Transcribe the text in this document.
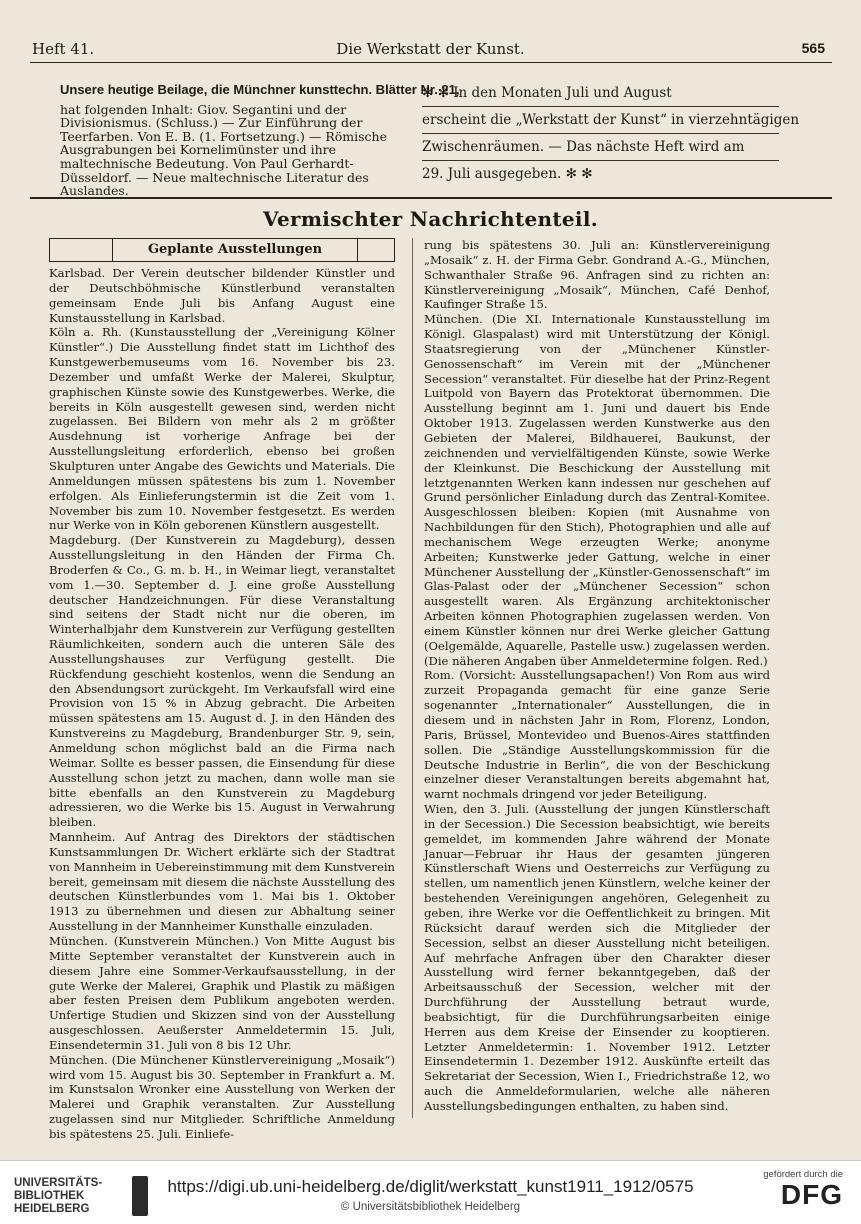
Heft 41.	Die Werkstatt der Kunst.	565
Unsere heutige Beilage, die Münchner kunsttechn. Blätter Nr. 21,
hat folgenden Inhalt: Giov. Segantini und der Divisionismus. (Schluss.) — Zur Einführung der Teerfarben. Von E. B. (1. Fortsetzung.) — Römische Ausgrabungen bei Kornelimünster und ihre maltechnische Bedeutung. Von Paul Gerhardt-Düsseldorf. — Neue maltechnische Literatur des Auslandes.
✻ ✻ In den Monaten Juli und August
erscheint die „Werkstatt der Kunst“ in vierzehntägigen
Zwischenräumen. — Das nächste Heft wird am
29. Juli ausgegeben. ✻ ✻
Vermischter Nachrichtenteil.
Geplante Ausstellungen

Karlsbad. Der Verein deutscher bildender Künstler und der Deutschböhmische Künstlerbund veranstalten gemeinsam Ende Juli bis Anfang August eine Kunstausstellung in Karlsbad.

Köln a. Rh. (Kunstausstellung der „Vereinigung Kölner Künstler“.) Die Ausstellung findet statt im Lichthof des Kunstgewerbemuseums vom 16. November bis 23. Dezember und umfaßt Werke der Malerei, Skulptur, graphischen Künste sowie des Kunstgewerbes. Werke, die bereits in Köln ausgestellt gewesen sind, werden nicht zugelassen. Bei Bildern von mehr als 2 m größter Ausdehnung ist vorherige Anfrage bei der Ausstellungsleitung erforderlich, ebenso bei großen Skulpturen unter Angabe des Gewichts und Materials. Die Anmeldungen müssen spätestens bis zum 1. November erfolgen. Als Einlieferungstermin ist die Zeit vom 1. November bis zum 10. November festgesetzt. Es werden nur Werke von in Köln geborenen Künstlern ausgestellt.

Magdeburg. (Der Kunstverein zu Magdeburg), dessen Ausstellungsleitung in den Händen der Firma Ch. Broderfen & Co., G. m. b. H., in Weimar liegt, veranstaltet vom 1.—30. September d. J. eine große Ausstellung deutscher Handzeichnungen. Für diese Veranstaltung sind seitens der Stadt nicht nur die oberen, im Winterhalbjahr dem Kunstverein zur Verfügung gestellten Räumlichkeiten, sondern auch die unteren Säle des Ausstellungshauses zur Verfügung gestellt. Die Rückfendung geschieht kostenlos, wenn die Sendung an den Absendungsort zurückgeht. Im Verkaufsfall wird eine Provision von 15 % in Abzug gebracht. Die Arbeiten müssen spätestens am 15. August d. J. in den Händen des Kunstvereins zu Magdeburg, Brandenburger Str. 9, sein, Anmeldung schon möglichst bald an die Firma nach Weimar. Sollte es besser passen, die Einsendung für diese Ausstellung schon jetzt zu machen, dann wolle man sie bitte ebenfalls an den Kunstverein zu Magdeburg adressieren, wo die Werke bis 15. August in Verwahrung bleiben.

Mannheim. Auf Antrag des Direktors der städtischen Kunstsammlungen Dr. Wichert erklärte sich der Stadtrat von Mannheim in Uebereinstimmung mit dem Kunstverein bereit, gemeinsam mit diesem die nächste Ausstellung des deutschen Künstlerbundes vom 1. Mai bis 1. Oktober 1913 zu übernehmen und diesen zur Abhaltung seiner Ausstellung in der Mannheimer Kunsthalle einzuladen.

München. (Kunstverein München.) Von Mitte August bis Mitte September veranstaltet der Kunstverein auch in diesem Jahre eine Sommer-Verkaufsausstellung, in der gute Werke der Malerei, Graphik und Plastik zu mäßigen aber festen Preisen dem Publikum angeboten werden. Unfertige Studien und Skizzen sind von der Ausstellung ausgeschlossen. Aeußerster Anmeldetermin 15. Juli, Einsendetermin 31. Juli von 8 bis 12 Uhr.

München. (Die Münchener Künstlervereinigung „Mosaik“) wird vom 15. August bis 30. September in Frankfurt a. M. im Kunstsalon Wronker eine Ausstellung von Werken der Malerei und Graphik veranstalten. Zur Ausstellung zugelassen sind nur Mitglieder. Schriftliche Anmeldung bis spätestens 25. Juli. Einliefe-

rung bis spätestens 30. Juli an: Künstlervereinigung „Mosaik“ z. H. der Firma Gebr. Gondrand A.-G., München, Schwanthaler Straße 96. Anfragen sind zu richten an: Künstlervereinigung „Mosaik“, München, Café Denhof, Kaufinger Straße 15.

München. (Die XI. Internationale Kunstausstellung im Königl. Glaspalast) wird mit Unterstützung der Königl. Staatsregierung von der „Münchener Künstler-Genossenschaft“ im Verein mit der „Münchener Secession“ veranstaltet. Für dieselbe hat der Prinz-Regent Luitpold von Bayern das Protektorat übernommen. Die Ausstellung beginnt am 1. Juni und dauert bis Ende Oktober 1913. Zugelassen werden Kunstwerke aus den Gebieten der Malerei, Bildhauerei, Baukunst, der zeichnenden und vervielfältigenden Künste, sowie Werke der Kleinkunst. Die Beschickung der Ausstellung mit letztgenannten Werken kann indessen nur geschehen auf Grund persönlicher Einladung durch das Zentral-Komitee. Ausgeschlossen bleiben: Kopien (mit Ausnahme von Nachbildungen für den Stich), Photographien und alle auf mechanischem Wege erzeugten Werke; anonyme Arbeiten; Kunstwerke jeder Gattung, welche in einer Münchener Ausstellung der „Künstler-Genossenschaft“ im Glas-Palast oder der „Münchener Secession“ schon ausgestellt waren. Als Ergänzung architektonischer Arbeiten können Photographien zugelassen werden. Von einem Künstler können nur drei Werke gleicher Gattung (Oelgemälde, Aquarelle, Pastelle usw.) zugelassen werden. (Die näheren Angaben über Anmeldetermine folgen. Red.)

Rom. (Vorsicht: Ausstellungsapachen!) Von Rom aus wird zurzeit Propaganda gemacht für eine ganze Serie sogenannter „Internationaler“ Ausstellungen, die in diesem und in nächsten Jahr in Rom, Florenz, London, Paris, Brüssel, Montevideo und Buenos-Aires stattfinden sollen. Die „Ständige Ausstellungskommission für die Deutsche Industrie in Berlin“, die von der Beschickung einzelner dieser Veranstaltungen bereits abgemahnt hat, warnt nochmals dringend vor jeder Beteiligung.

Wien, den 3. Juli. (Ausstellung der jungen Künstlerschaft in der Secession.) Die Secession beabsichtigt, wie bereits gemeldet, im kommenden Jahre während der Monate Januar—Februar ihr Haus der gesamten jüngeren Künstlerschaft Wiens und Oesterreichs zur Verfügung zu stellen, um namentlich jenen Künstlern, welche keiner der bestehenden Vereinigungen angehören, Gelegenheit zu geben, ihre Werke vor die Oeffentlichkeit zu bringen. Mit Rücksicht darauf werden sich die Mitglieder der Secession, selbst an dieser Ausstellung nicht beteiligen. Auf mehrfache Anfragen über den Charakter dieser Ausstellung wird ferner bekanntgegeben, daß der Arbeitsausschuß der Secession, welcher mit der Durchführung der Ausstellung betraut wurde, beabsichtigt, für die Durchführungsarbeiten einige Herren aus dem Kreise der Einsender zu kooptieren. Letzter Anmeldetermin: 1. November 1912. Letzter Einsendetermin 1. Dezember 1912. Auskünfte erteilt das Sekretariat der Secession, Wien I., Friedrichstraße 12, wo auch die Anmeldeformularien, welche alle näheren Ausstellungsbedingungen enthalten, zu haben sind.

UNIVERSITÄTS-
BIBLIOTHEK
HEIDELBERG
https://digi.ub.uni-heidelberg.de/diglit/werkstatt_kunst1911_1912/0575
© Universitätsbibliothek Heidelberg
gefördert durch die
DFG
